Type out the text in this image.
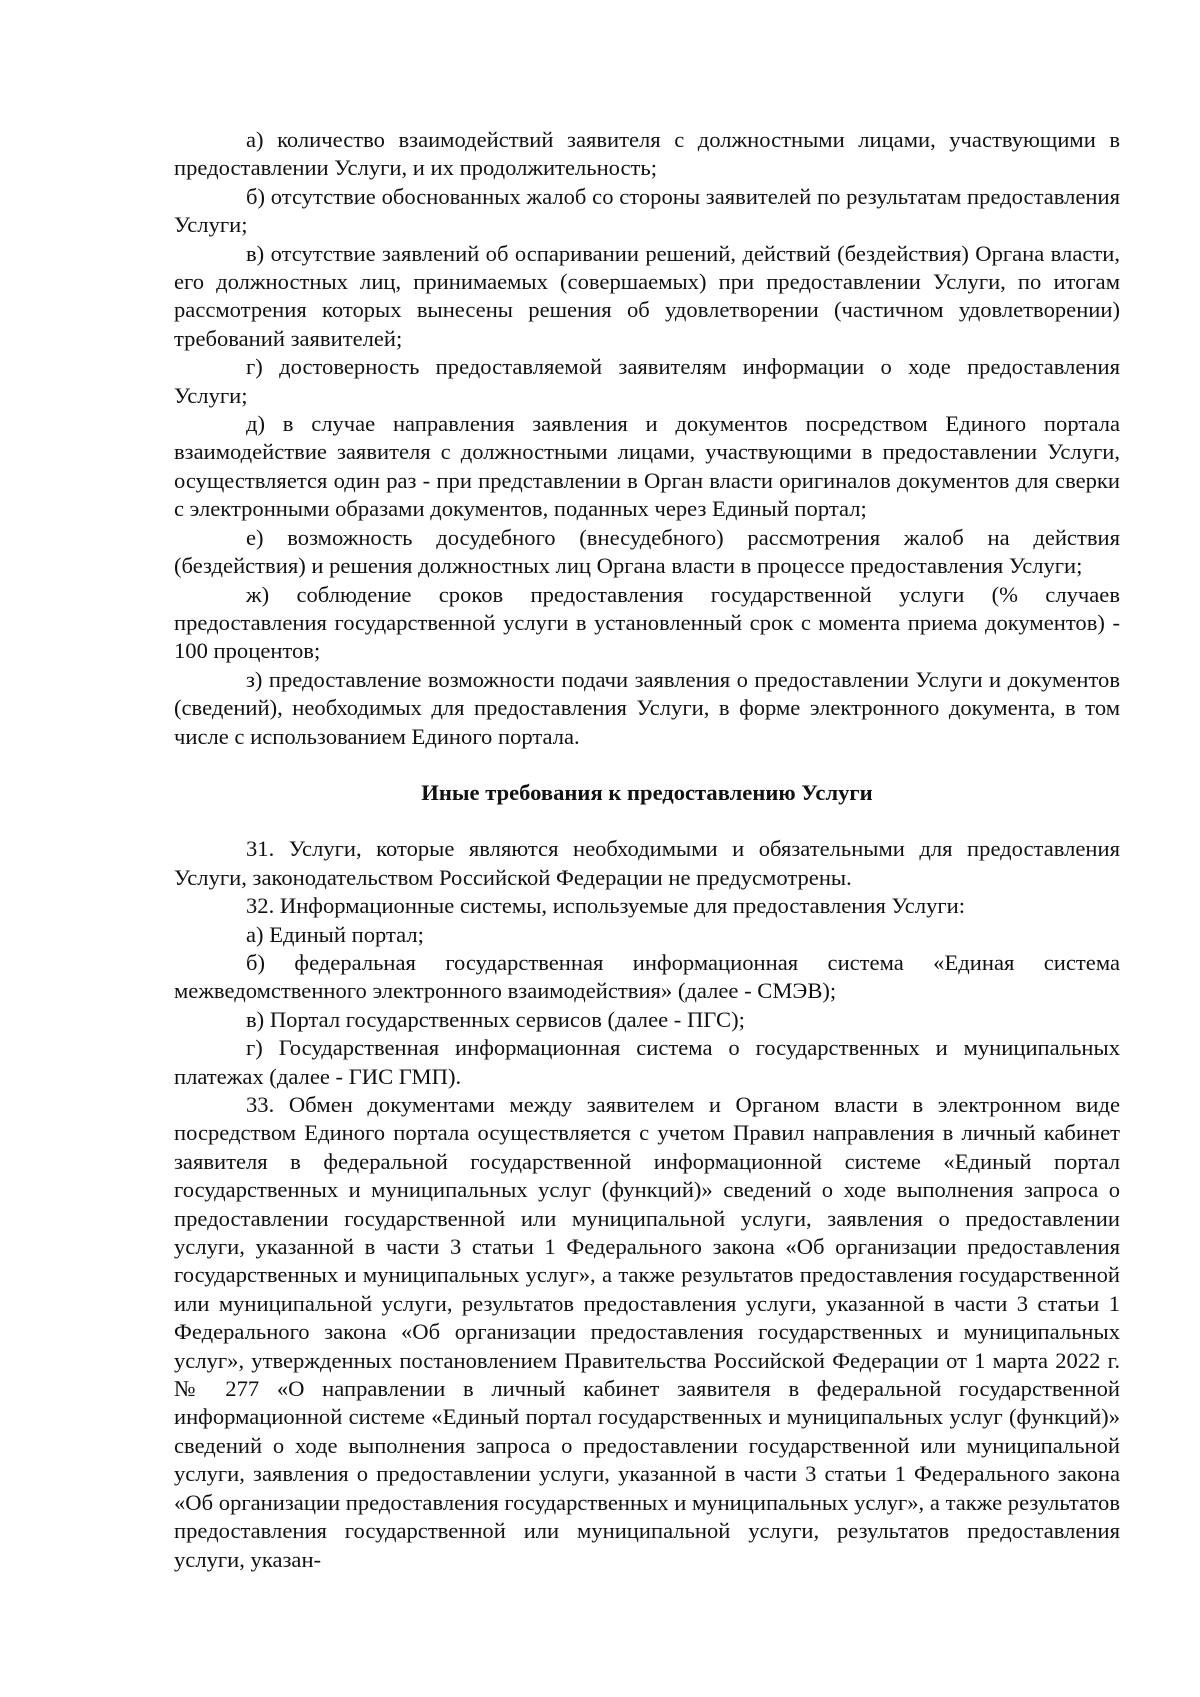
а) количество взаимодействий заявителя с должностными лицами, участвующими в предоставлении Услуги, и их продолжительность;

б) отсутствие обоснованных жалоб со стороны заявителей по результатам предоставления Услуги;

в) отсутствие заявлений об оспаривании решений, действий (бездействия) Органа власти, его должностных лиц, принимаемых (совершаемых) при предоставлении Услуги, по итогам рассмотрения которых вынесены решения об удовлетворении (частичном удовлетворении) требований заявителей;

г) достоверность предоставляемой заявителям информации о ходе предоставления Услуги;

д) в случае направления заявления и документов посредством Единого портала взаимодействие заявителя с должностными лицами, участвующими в предоставлении Услуги, осуществляется один раз - при представлении в Орган власти оригиналов документов для сверки с электронными образами документов, поданных через Единый портал;

е) возможность досудебного (внесудебного) рассмотрения жалоб на действия (бездействия) и решения должностных лиц Органа власти в процессе предоставления Услуги;

ж) соблюдение сроков предоставления государственной услуги (% случаев предоставления государственной услуги в установленный срок с момента приема документов) - 100 процентов;

з) предоставление возможности подачи заявления о предоставлении Услуги и документов (сведений), необходимых для предоставления Услуги, в форме электронного документа, в том числе с использованием Единого портала.

Иные требования к предоставлению Услуги

31. Услуги, которые являются необходимыми и обязательными для предоставления Услуги, законодательством Российской Федерации не предусмотрены.

32. Информационные системы, используемые для предоставления Услуги:

а) Единый портал;

б) федеральная государственная информационная система «Единая система межведомственного электронного взаимодействия» (далее - СМЭВ);

в) Портал государственных сервисов (далее - ПГС);

г) Государственная информационная система о государственных и муниципальных платежах (далее - ГИС ГМП).

33. Обмен документами между заявителем и Органом власти в электронном виде посредством Единого портала осуществляется с учетом Правил направления в личный кабинет заявителя в федеральной государственной информационной системе «Единый портал государственных и муниципальных услуг (функций)» сведений о ходе выполнения запроса о предоставлении государственной или муниципальной услуги, заявления о предоставлении услуги, указанной в части 3 статьи 1 Федерального закона «Об организации предоставления государственных и муниципальных услуг», а также результатов предоставления государственной или муниципальной услуги, результатов предоставления услуги, указанной в части 3 статьи 1 Федерального закона «Об организации предоставления государственных и муниципальных услуг», утвержденных постановлением Правительства Российской Федерации от 1 марта 2022 г. № 277 «О направлении в личный кабинет заявителя в федеральной государственной информационной системе «Единый портал государственных и муниципальных услуг (функций)» сведений о ходе выполнения запроса о предоставлении государственной или муниципальной услуги, заявления о предоставлении услуги, указанной в части 3 статьи 1 Федерального закона «Об организации предоставления государственных и муниципальных услуг», а также результатов предоставления государственной или муниципальной услуги, результатов предоставления услуги, указан-
